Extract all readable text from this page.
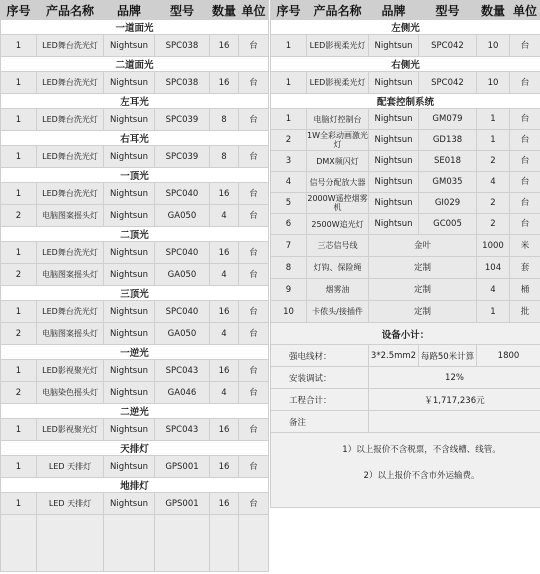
序号	产品名称	品牌	型号	数量	单位
一道面光					
1	LED舞台洗光灯	Nightsun	SPC038	16	台
二道面光					
1	LED舞台洗光灯	Nightsun	SPC038	16	台
左耳光					
1	LED舞台洗光灯	Nightsun	SPC039	8	台
右耳光					
1	LED舞台洗光灯	Nightsun	SPC039	8	台
一顶光					
1	LED舞台洗光灯	Nightsun	SPC040	16	台
2	电脑图案摇头灯	Nightsun	GA050	4	台
二顶光					
1	LED舞台洗光灯	Nightsun	SPC040	16	台
2	电脑图案摇头灯	Nightsun	GA050	4	台
三顶光					
1	LED舞台洗光灯	Nightsun	SPC040	16	台
2	电脑图案摇头灯	Nightsun	GA050	4	台
一逆光					
1	LED影视聚光灯	Nightsun	SPC043	16	台
2	电脑染色摇头灯	Nightsun	GA046	4	台
二逆光					
1	LED影视聚光灯	Nightsun	SPC043	16	台
天排灯					
1	LED 天排灯	Nightsun	GPS001	16	台
地排灯					
1	LED 天排灯	Nightsun	GPS001	16	台

序号	产品名称	品牌	型号	数量	单位
左侧光					
1	LED影视柔光灯	Nightsun	SPC042	10	台
右侧光					
1	LED影视柔光灯	Nightsun	SPC042	10	台
配套控制系统					
1	电脑灯控制台	Nightsun	GM079	1	台
2	1W全彩动画激光灯	Nightsun	GD138	1	台
3	DMX频闪灯	Nightsun	SE018	2	台
4	信号分配放大器	Nightsun	GM035	4	台
5	2000W遥控烟雾机	Nightsun	GI029	2	台
6	2500W追光灯	Nightsun	GC005	2	台
7	三芯信号线	金叶		1000	米
8	灯钩、保险绳	定制		104	套
9	烟雾油	定制		4	桶
10	卡侬头/接插件	定制		1	批
设备小计：					
强电线材：		3*2.5mm2	每路50米计算	1800	
安装调试：		12%			
工程合计：		￥1,717,236元			
备注					

1）以上报价不含税票，不含线槽、线管。
2）以上报价不含市外运输费。					
